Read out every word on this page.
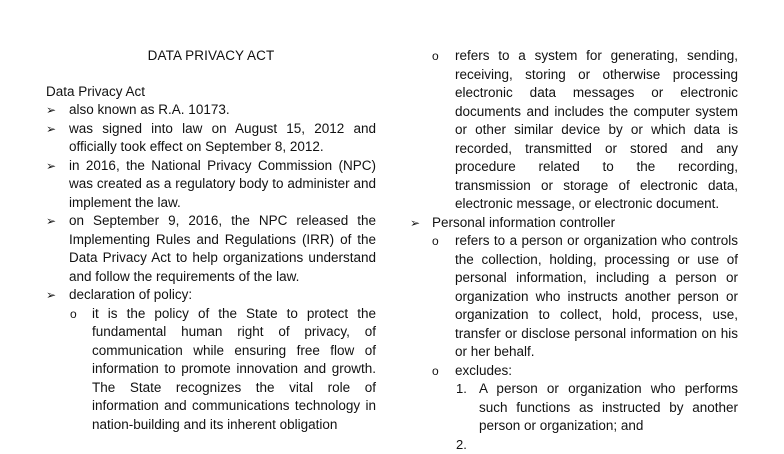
DATA PRIVACY ACT
Data Privacy Act
➢ also known as R.A. 10173.
➢ was signed into law on August 15, 2012 and officially took effect on September 8, 2012.
➢ in 2016, the National Privacy Commission (NPC) was created as a regulatory body to administer and implement the law.
➢ on September 9, 2016, the NPC released the Implementing Rules and Regulations (IRR) of the Data Privacy Act to help organizations understand and follow the requirements of the law.
➢ declaration of policy:
o it is the policy of the State to protect the fundamental human right of privacy, of communication while ensuring free flow of information to promote innovation and growth. The State recognizes the vital role of information and communications technology in nation-building and its inherent obligation
o refers to a system for generating, sending, receiving, storing or otherwise processing electronic data messages or electronic documents and includes the computer system or other similar device by or which data is recorded, transmitted or stored and any procedure related to the recording, transmission or storage of electronic data, electronic message, or electronic document.
➢ Personal information controller
o refers to a person or organization who controls the collection, holding, processing or use of personal information, including a person or organization who instructs another person or organization to collect, hold, process, use, transfer or disclose personal information on his or her behalf.
o excludes:
1. A person or organization who performs such functions as instructed by another person or organization; and
2.
